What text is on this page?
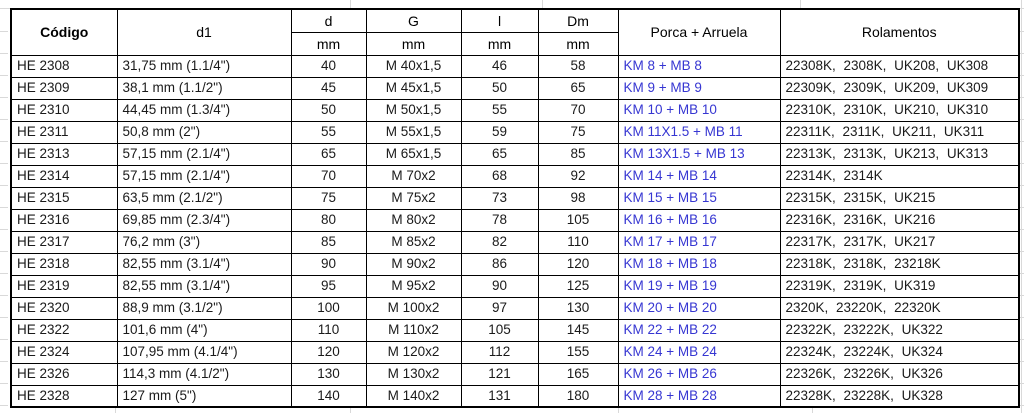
Código	d1	d	G	l	Dm	Porca + Arruela	Rolamentos
		mm	mm	mm	mm		
HE 2308	31,75 mm (1.1/4")	40	M 40x1,5	46	58	KM 8 + MB 8	22308K, 2308K, UK208, UK308
HE 2309	38,1 mm (1.1/2")	45	M 45x1,5	50	65	KM 9 + MB 9	22309K, 2309K, UK209, UK309
HE 2310	44,45 mm (1.3/4")	50	M 50x1,5	55	70	KM 10 + MB 10	22310K, 2310K, UK210, UK310
HE 2311	50,8 mm (2")	55	M 55x1,5	59	75	KM 11X1.5 + MB 11	22311K, 2311K, UK211, UK311
HE 2313	57,15 mm (2.1/4")	65	M 65x1,5	65	85	KM 13X1.5 + MB 13	22313K, 2313K, UK213, UK313
HE 2314	57,15 mm (2.1/4")	70	M 70x2	68	92	KM 14 + MB 14	22314K, 2314K
HE 2315	63,5 mm (2.1/2")	75	M 75x2	73	98	KM 15 + MB 15	22315K, 2315K, UK215
HE 2316	69,85 mm (2.3/4")	80	M 80x2	78	105	KM 16 + MB 16	22316K, 2316K, UK216
HE 2317	76,2 mm (3")	85	M 85x2	82	110	KM 17 + MB 17	22317K, 2317K, UK217
HE 2318	82,55 mm (3.1/4")	90	M 90x2	86	120	KM 18 + MB 18	22318K, 2318K, 23218K
HE 2319	82,55 mm (3.1/4")	95	M 95x2	90	125	KM 19 + MB 19	22319K, 2319K, UK319
HE 2320	88,9 mm (3.1/2")	100	M 100x2	97	130	KM 20 + MB 20	2320K, 23220K, 22320K
HE 2322	101,6 mm (4")	110	M 110x2	105	145	KM 22 + MB 22	22322K, 23222K, UK322
HE 2324	107,95 mm (4.1/4")	120	M 120x2	112	155	KM 24 + MB 24	22324K, 23224K, UK324
HE 2326	114,3 mm (4.1/2")	130	M 130x2	121	165	KM 26 + MB 26	22326K, 23226K, UK326
HE 2328	127 mm (5")	140	M 140x2	131	180	KM 28 + MB 28	22328K, 23228K, UK328
